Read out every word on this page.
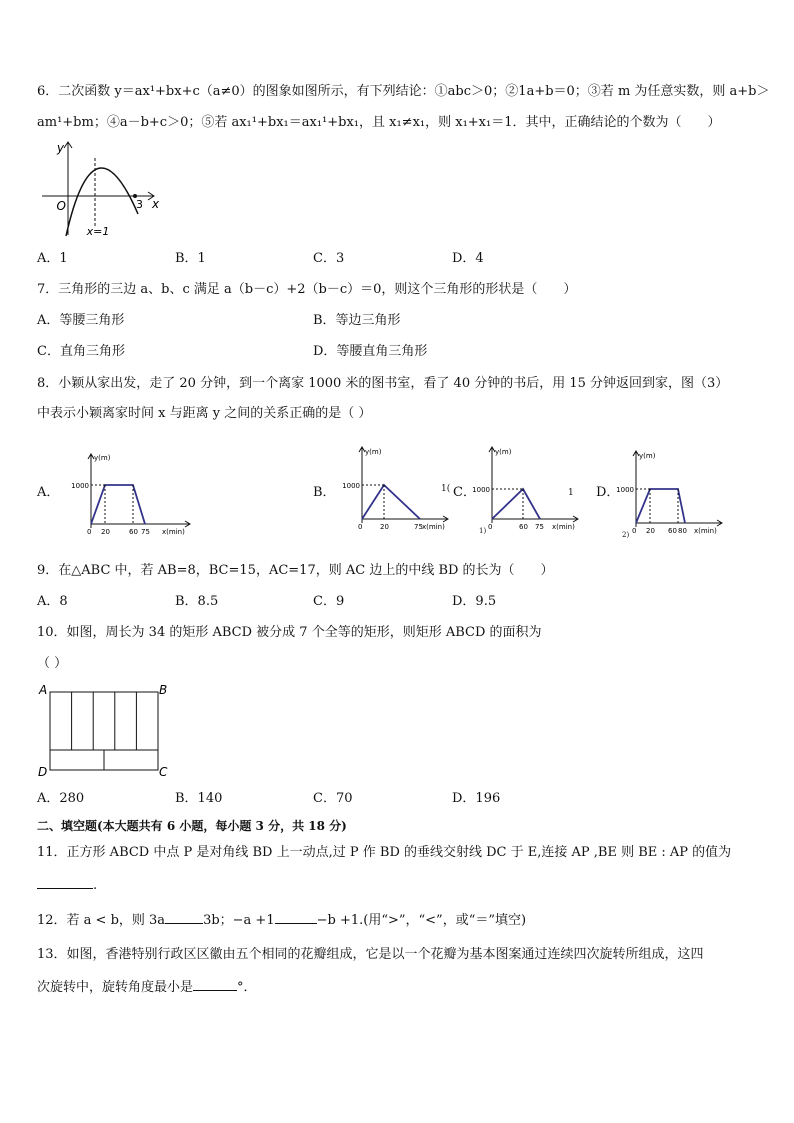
6．二次函数 y＝ax¹+bx+c（a≠0）的图象如图所示，有下列结论：①abc＞0；②1a+b＝0；③若 m 为任意实数，则 a+b＞
am¹+bm；④a－b+c＞0；⑤若 ax₁¹+bx₁＝ax₁¹+bx₁，且 x₁≠x₁，则 x₁+x₁＝1．其中，正确结论的个数为（　　）
y
x
O	3
x=1
A．1	B．1	C．3	D．4
7．三角形的三边 a、b、c 满足 a（b－c）+2（b－c）＝0，则这个三角形的形状是（　　）
A．等腰三角形	B．等边三角形
C．直角三角形	D．等腰直角三角形
8．小颖从家出发，走了 20 分钟，到一个离家 1000 米的图书室，看了 40 分钟的书后，用 15 分钟返回到家，图（3）
中表示小颖离家时间 x 与距离 y 之间的关系正确的是（ ）
A．
y(m)
1000
0 20	60 75 x(min)
B．
y(m)
1000
0	20	75 x(min)
1( C．
y(m)
1000
0	60 75 x(min)
1
1)
D．
y(m)
1000
0 20 60 80 x(min)
2)
9．在△ABC 中，若 AB=8，BC=15，AC=17，则 AC 边上的中线 BD 的长为（　　）
A．8	B．8.5	C．9	D．9.5
10．如图，周长为 34 的矩形 ABCD 被分成 7 个全等的矩形，则矩形 ABCD 的面积为
（ ）
A	B
C
D
A．280	B．140	C．70	D．196
二、填空题(本大题共有 6 小题，每小题 3 分，共 18 分)
11．正方形 ABCD 中点 P 是对角线 BD 上一动点,过 P 作 BD 的垂线交射线 DC 于 E,连接 AP ,BE 则 BE : AP 的值为
.
12．若 a < b，则 3a	3b；−a +1	−b +1.(用“>”，“<”，或“＝”填空)
13．如图，香港特别行政区区徽由五个相同的花瓣组成，它是以一个花瓣为基本图案通过连续四次旋转所组成，这四
次旋转中，旋转角度最小是	°．
